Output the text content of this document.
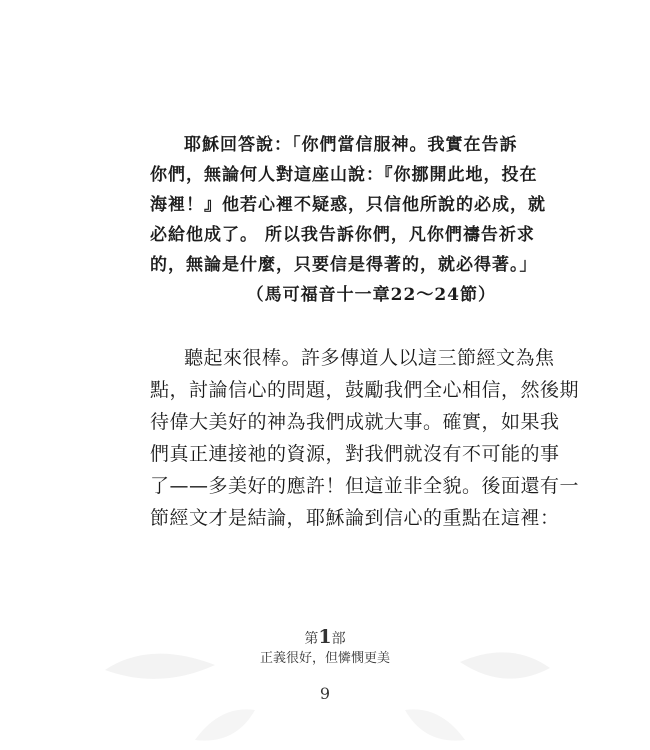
耶穌回答說：「你們當信服神。我實在告訴
你們，無論何人對這座山說：『你挪開此地，投在
海裡！』他若心裡不疑惑，只信他所說的必成，就
必給他成了。 所以我告訴你們，凡你們禱告祈求
的，無論是什麼，只要信是得著的，就必得著。」
（馬可福音十一章22～24節）
聽起來很棒。許多傳道人以這三節經文為焦
點，討論信心的問題，鼓勵我們全心相信，然後期
待偉大美好的神為我們成就大事。確實，如果我
們真正連接祂的資源，對我們就沒有不可能的事
了——多美好的應許！但這並非全貌。後面還有一
節經文才是結論，耶穌論到信心的重點在這裡：
第1部
正義很好，但憐憫更美
9
